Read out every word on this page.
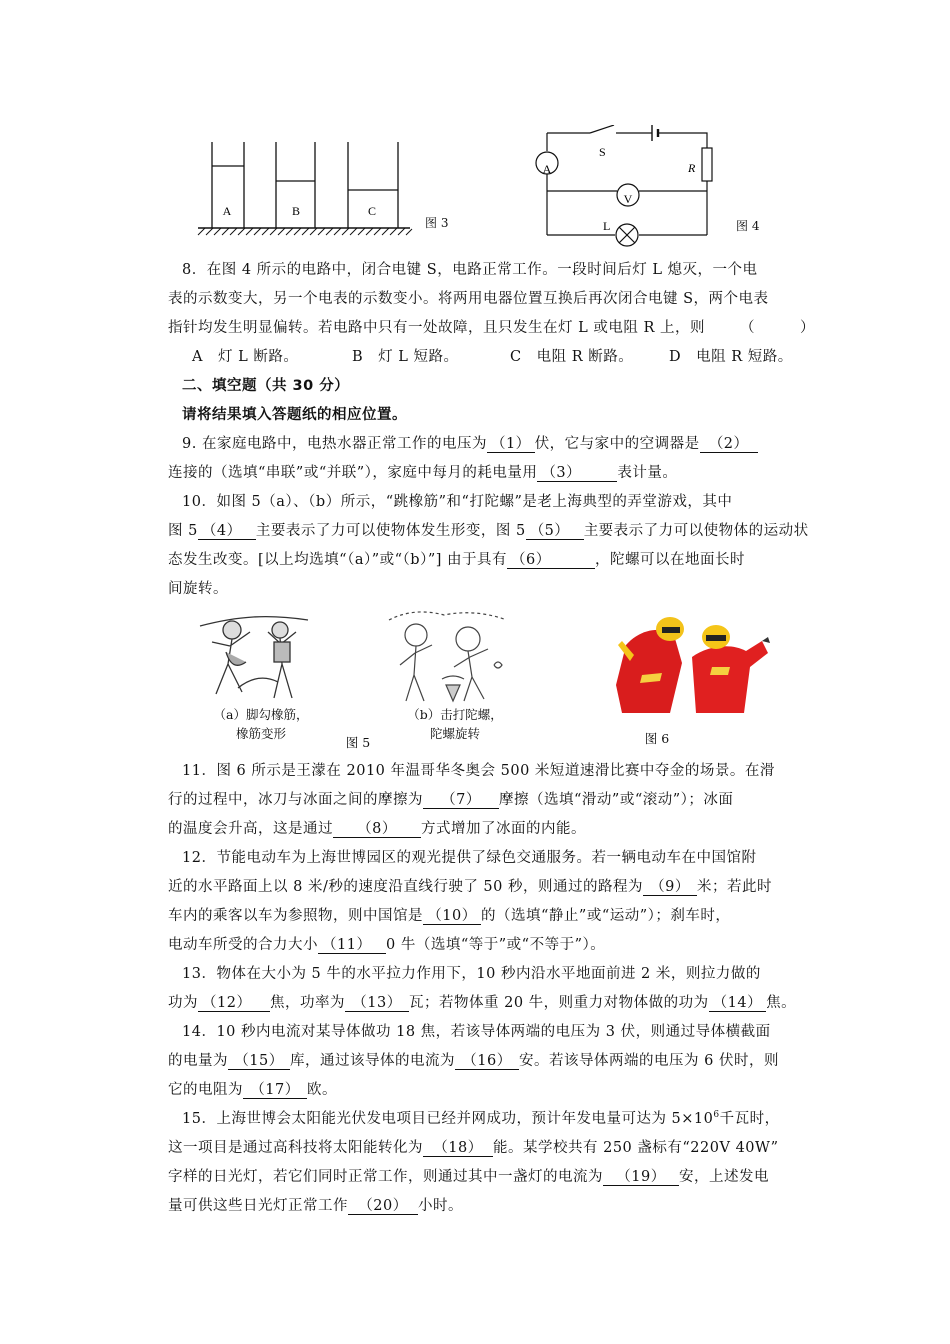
A	B	C
图 3
S
R
A
V
L	图 4
8．在图 4 所示的电路中，闭合电键 S，电路正常工作。一段时间后灯 L 熄灭，一个电
表的示数变大，另一个电表的示数变小。将两用电器位置互换后再次闭合电键 S，两个电表
指针均发生明显偏转。若电路中只有一处故障，且只发生在灯 L 或电阻 R 上，则 （　　　）
A　灯 L 断路。	B　灯 L 短路。	C　电阻 R 断路。 D　电阻 R 短路。
二、填空题（共 30 分）
请将结果填入答题纸的相应位置。
9. 在家庭电路中，电热水器正常工作的电压为 （1） 伏，它与家中的空调器是 （2）
连接的（选填“串联”或“并联”），家庭中每月的耗电量用 （3）	表计量。
10．如图 5（a）、（b）所示，“跳橡筋”和“打陀螺”是老上海典型的弄堂游戏，其中
图 5 （4） 主要表示了力可以使物体发生形变，图 5 （5） 主要表示了力可以使物体的运动状
态发生改变。[以上均选填“（a）”或“（b）”] 由于具有 （6）	，陀螺可以在地面长时
间旋转。
（a）脚勾橡筋，
橡筋变形
图 5
（b）击打陀螺，
陀螺旋转	图 6
11．图 6 所示是王濛在 2010 年温哥华冬奥会 500 米短道速滑比赛中夺金的场景。在滑
行的过程中，冰刀与冰面之间的摩擦为 （7） 摩擦（选填“滑动”或“滚动”）；冰面
的温度会升高，这是通过 （8） 方式增加了冰面的内能。
12．节能电动车为上海世博园区的观光提供了绿色交通服务。若一辆电动车在中国馆附
近的水平路面上以 8 米/秒的速度沿直线行驶了 50 秒，则通过的路程为 （9） 米；若此时
车内的乘客以车为参照物，则中国馆是 （10） 的（选填“静止”或“运动”）；刹车时，
电动车所受的合力大小 （11） 0 牛（选填“等于”或“不等于”）。
13．物体在大小为 5 牛的水平拉力作用下，10 秒内沿水平地面前进 2 米，则拉力做的
功为 （12） 焦，功率为 （13） 瓦；若物体重 20 牛，则重力对物体做的功为 （14） 焦。
14．10 秒内电流对某导体做功 18 焦，若该导体两端的电压为 3 伏，则通过导体横截面
的电量为 （15） 库，通过该导体的电流为 （16） 安。若该导体两端的电压为 6 伏时，则
它的电阻为 （17） 欧。
15．上海世博会太阳能光伏发电项目已经并网成功，预计年发电量可达为 $5\times 10^6$千瓦时，
这一项目是通过高科技将太阳能转化为 （18） 能。某学校共有 250 盏标有“220V 40W”
字样的日光灯，若它们同时正常工作，则通过其中一盏灯的电流为 （19） 安，上述发电
量可供这些日光灯正常工作 （20） 小时。
